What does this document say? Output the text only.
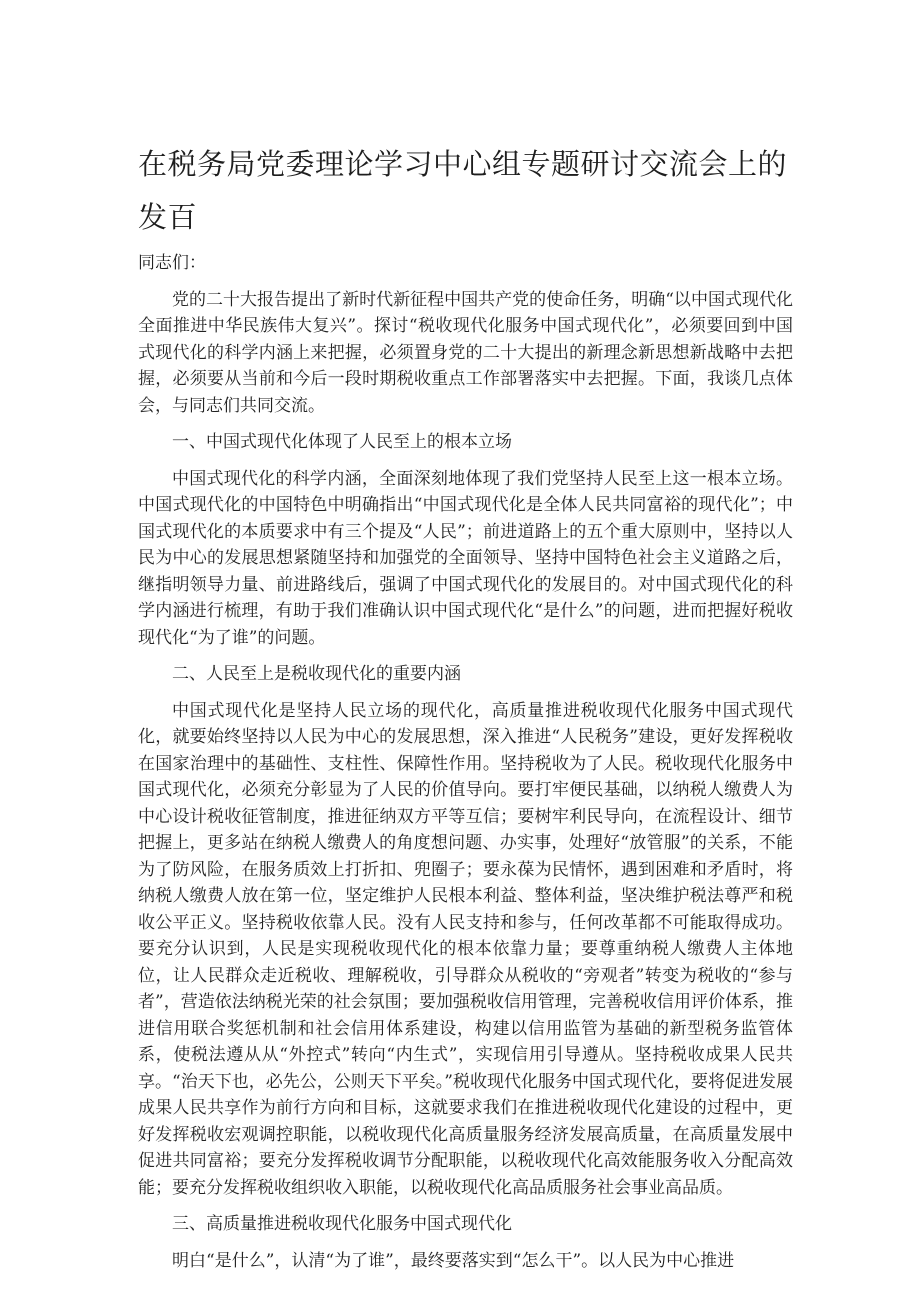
在税务局党委理论学习中心组专题研讨交流会上的发百

同志们：

党的二十大报告提出了新时代新征程中国共产党的使命任务，明确“以中国式现代化全面推进中华民族伟大复兴”。探讨“税收现代化服务中国式现代化”，必须要回到中国式现代化的科学内涵上来把握，必须置身党的二十大提出的新理念新思想新战略中去把握，必须要从当前和今后一段时期税收重点工作部署落实中去把握。下面，我谈几点体会，与同志们共同交流。

一、中国式现代化体现了人民至上的根本立场

中国式现代化的科学内涵，全面深刻地体现了我们党坚持人民至上这一根本立场。中国式现代化的中国特色中明确指出“中国式现代化是全体人民共同富裕的现代化”；中国式现代化的本质要求中有三个提及“人民”；前进道路上的五个重大原则中，坚持以人民为中心的发展思想紧随坚持和加强党的全面领导、坚持中国特色社会主义道路之后，继指明领导力量、前进路线后，强调了中国式现代化的发展目的。对中国式现代化的科学内涵进行梳理，有助于我们准确认识中国式现代化“是什么”的问题，进而把握好税收现代化“为了谁”的问题。

二、人民至上是税收现代化的重要内涵

中国式现代化是坚持人民立场的现代化，高质量推进税收现代化服务中国式现代化，就要始终坚持以人民为中心的发展思想，深入推进“人民税务”建设，更好发挥税收在国家治理中的基础性、支柱性、保障性作用。坚持税收为了人民。税收现代化服务中国式现代化，必须充分彰显为了人民的价值导向。要打牢便民基础，以纳税人缴费人为中心设计税收征管制度，推进征纳双方平等互信；要树牢利民导向，在流程设计、细节把握上，更多站在纳税人缴费人的角度想问题、办实事，处理好“放管服”的关系，不能为了防风险，在服务质效上打折扣、兜圈子；要永葆为民情怀，遇到困难和矛盾时，将纳税人缴费人放在第一位，坚定维护人民根本利益、整体利益，坚决维护税法尊严和税收公平正义。坚持税收依靠人民。没有人民支持和参与，任何改革都不可能取得成功。要充分认识到，人民是实现税收现代化的根本依靠力量；要尊重纳税人缴费人主体地位，让人民群众走近税收、理解税收，引导群众从税收的“旁观者”转变为税收的“参与者”，营造依法纳税光荣的社会氛围；要加强税收信用管理，完善税收信用评价体系，推进信用联合奖惩机制和社会信用体系建设，构建以信用监管为基础的新型税务监管体系，使税法遵从从“外控式”转向“内生式”，实现信用引导遵从。坚持税收成果人民共享。“治天下也，必先公，公则天下平矣。”税收现代化服务中国式现代化，要将促进发展成果人民共享作为前行方向和目标，这就要求我们在推进税收现代化建设的过程中，更好发挥税收宏观调控职能，以税收现代化高质量服务经济发展高质量，在高质量发展中促进共同富裕；要充分发挥税收调节分配职能，以税收现代化高效能服务收入分配高效能；要充分发挥税收组织收入职能，以税收现代化高品质服务社会事业高品质。

三、高质量推进税收现代化服务中国式现代化

明白“是什么”，认清“为了谁”，最终要落实到“怎么干”。以人民为中心推进
